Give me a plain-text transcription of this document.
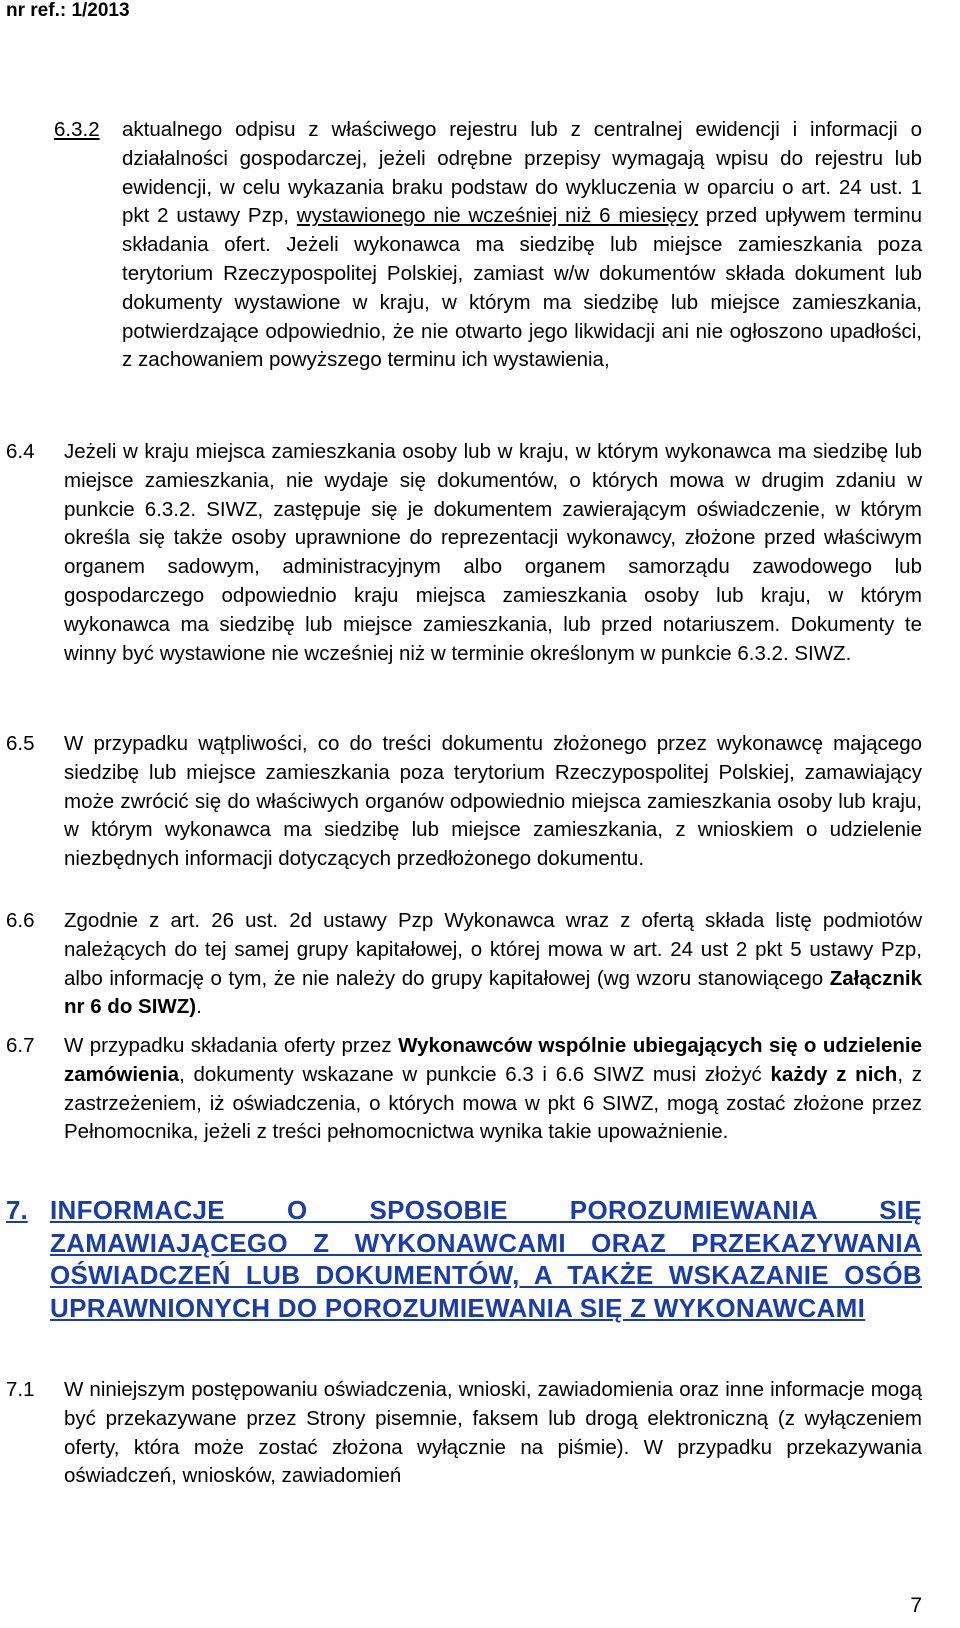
nr ref.: 1/2013
6.3.2 aktualnego odpisu z właściwego rejestru lub z centralnej ewidencji i informacji o działalności gospodarczej, jeżeli odrębne przepisy wymagają wpisu do rejestru lub ewidencji, w celu wykazania braku podstaw do wykluczenia w oparciu o art. 24 ust. 1 pkt 2 ustawy Pzp, wystawionego nie wcześniej niż 6 miesięcy przed upływem terminu składania ofert. Jeżeli wykonawca ma siedzibę lub miejsce zamieszkania poza terytorium Rzeczypospolitej Polskiej, zamiast w/w dokumentów składa dokument lub dokumenty wystawione w kraju, w którym ma siedzibę lub miejsce zamieszkania, potwierdzające odpowiednio, że nie otwarto jego likwidacji ani nie ogłoszono upadłości, z zachowaniem powyższego terminu ich wystawienia,

6.4 Jeżeli w kraju miejsca zamieszkania osoby lub w kraju, w którym wykonawca ma siedzibę lub miejsce zamieszkania, nie wydaje się dokumentów, o których mowa w drugim zdaniu w punkcie 6.3.2. SIWZ, zastępuje się je dokumentem zawierającym oświadczenie, w którym określa się także osoby uprawnione do reprezentacji wykonawcy, złożone przed właściwym organem sadowym, administracyjnym albo organem samorządu zawodowego lub gospodarczego odpowiednio kraju miejsca zamieszkania osoby lub kraju, w którym wykonawca ma siedzibę lub miejsce zamieszkania, lub przed notariuszem. Dokumenty te winny być wystawione nie wcześniej niż w terminie określonym w punkcie 6.3.2. SIWZ.

6.5 W przypadku wątpliwości, co do treści dokumentu złożonego przez wykonawcę mającego siedzibę lub miejsce zamieszkania poza terytorium Rzeczypospolitej Polskiej, zamawiający może zwrócić się do właściwych organów odpowiednio miejsca zamieszkania osoby lub kraju, w którym wykonawca ma siedzibę lub miejsce zamieszkania, z wnioskiem o udzielenie niezbędnych informacji dotyczących przedłożonego dokumentu.

6.6 Zgodnie z art. 26 ust. 2d ustawy Pzp Wykonawca wraz z ofertą składa listę podmiotów należących do tej samej grupy kapitałowej, o której mowa w art. 24 ust 2 pkt 5 ustawy Pzp, albo informację o tym, że nie należy do grupy kapitałowej (wg wzoru stanowiącego Załącznik nr 6 do SIWZ).

6.7 W przypadku składania oferty przez Wykonawców wspólnie ubiegających się o udzielenie zamówienia, dokumenty wskazane w punkcie 6.3 i 6.6 SIWZ musi złożyć każdy z nich, z zastrzeżeniem, iż oświadczenia, o których mowa w pkt 6 SIWZ, mogą zostać złożone przez Pełnomocnika, jeżeli z treści pełnomocnictwa wynika takie upoważnienie.

7. INFORMACJE O SPOSOBIE POROZUMIEWANIA SIĘ ZAMAWIAJĄCEGO Z WYKONAWCAMI ORAZ PRZEKAZYWANIA OŚWIADCZEŃ LUB DOKUMENTÓW, A TAKŻE WSKAZANIE OSÓB UPRAWNIONYCH DO POROZUMIEWANIA SIĘ Z WYKONAWCAMI

7.1 W niniejszym postępowaniu oświadczenia, wnioski, zawiadomienia oraz inne informacje mogą być przekazywane przez Strony pisemnie, faksem lub drogą elektroniczną (z wyłączeniem oferty, która może zostać złożona wyłącznie na piśmie). W przypadku przekazywania oświadczeń, wniosków, zawiadomień

7
